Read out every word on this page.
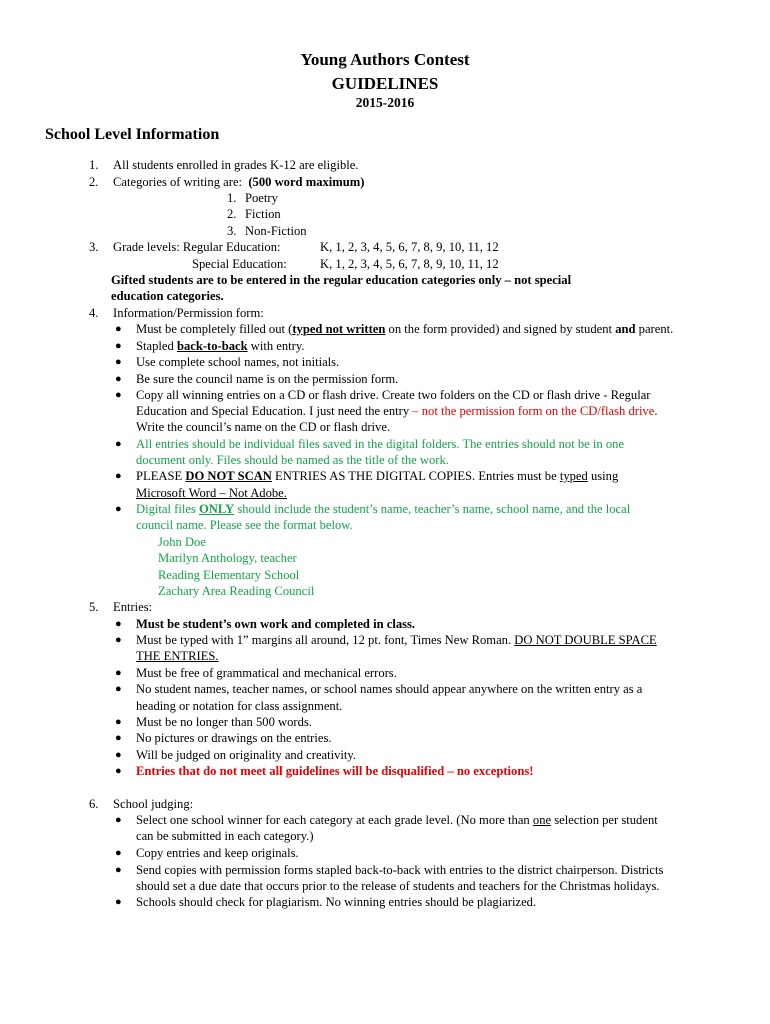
Young Authors Contest
GUIDELINES
2015-2016
School Level Information
1. All students enrolled in grades K-12 are eligible.
2. Categories of writing are: (500 word maximum)
1. Poetry
2. Fiction
3. Non-Fiction
3. Grade levels: Regular Education:	K, 1, 2, 3, 4, 5, 6, 7, 8, 9, 10, 11, 12
Special Education:	K, 1, 2, 3, 4, 5, 6, 7, 8, 9, 10, 11, 12
Gifted students are to be entered in the regular education categories only – not special
education categories.
4. Information/Permission form:
● Must be completely filled out (typed not written on the form provided) and signed by student and parent.
● Stapled back-to-back with entry.
● Use complete school names, not initials.
● Be sure the council name is on the permission form.
● Copy all winning entries on a CD or flash drive. Create two folders on the CD or flash drive - Regular
Education and Special Education. I just need the entry – not the permission form on the CD/flash drive.
Write the council’s name on the CD or flash drive.
● All entries should be individual files saved in the digital folders. The entries should not be in one
document only. Files should be named as the title of the work.
● PLEASE DO NOT SCAN ENTRIES AS THE DIGITAL COPIES. Entries must be typed using
Microsoft Word – Not Adobe.
● Digital files ONLY should include the student’s name, teacher’s name, school name, and the local
council name. Please see the format below.
John Doe
Marilyn Anthology, teacher
Reading Elementary School
Zachary Area Reading Council
5. Entries:
● Must be student’s own work and completed in class.
● Must be typed with 1” margins all around, 12 pt. font, Times New Roman. DO NOT DOUBLE SPACE
THE ENTRIES.
● Must be free of grammatical and mechanical errors.
● No student names, teacher names, or school names should appear anywhere on the written entry as a
heading or notation for class assignment.
● Must be no longer than 500 words.
● No pictures or drawings on the entries.
● Will be judged on originality and creativity.
● Entries that do not meet all guidelines will be disqualified – no exceptions!
6. School judging:
● Select one school winner for each category at each grade level. (No more than one selection per student
can be submitted in each category.)
● Copy entries and keep originals.
● Send copies with permission forms stapled back-to-back with entries to the district chairperson. Districts
should set a due date that occurs prior to the release of students and teachers for the Christmas holidays.
● Schools should check for plagiarism. No winning entries should be plagiarized.
